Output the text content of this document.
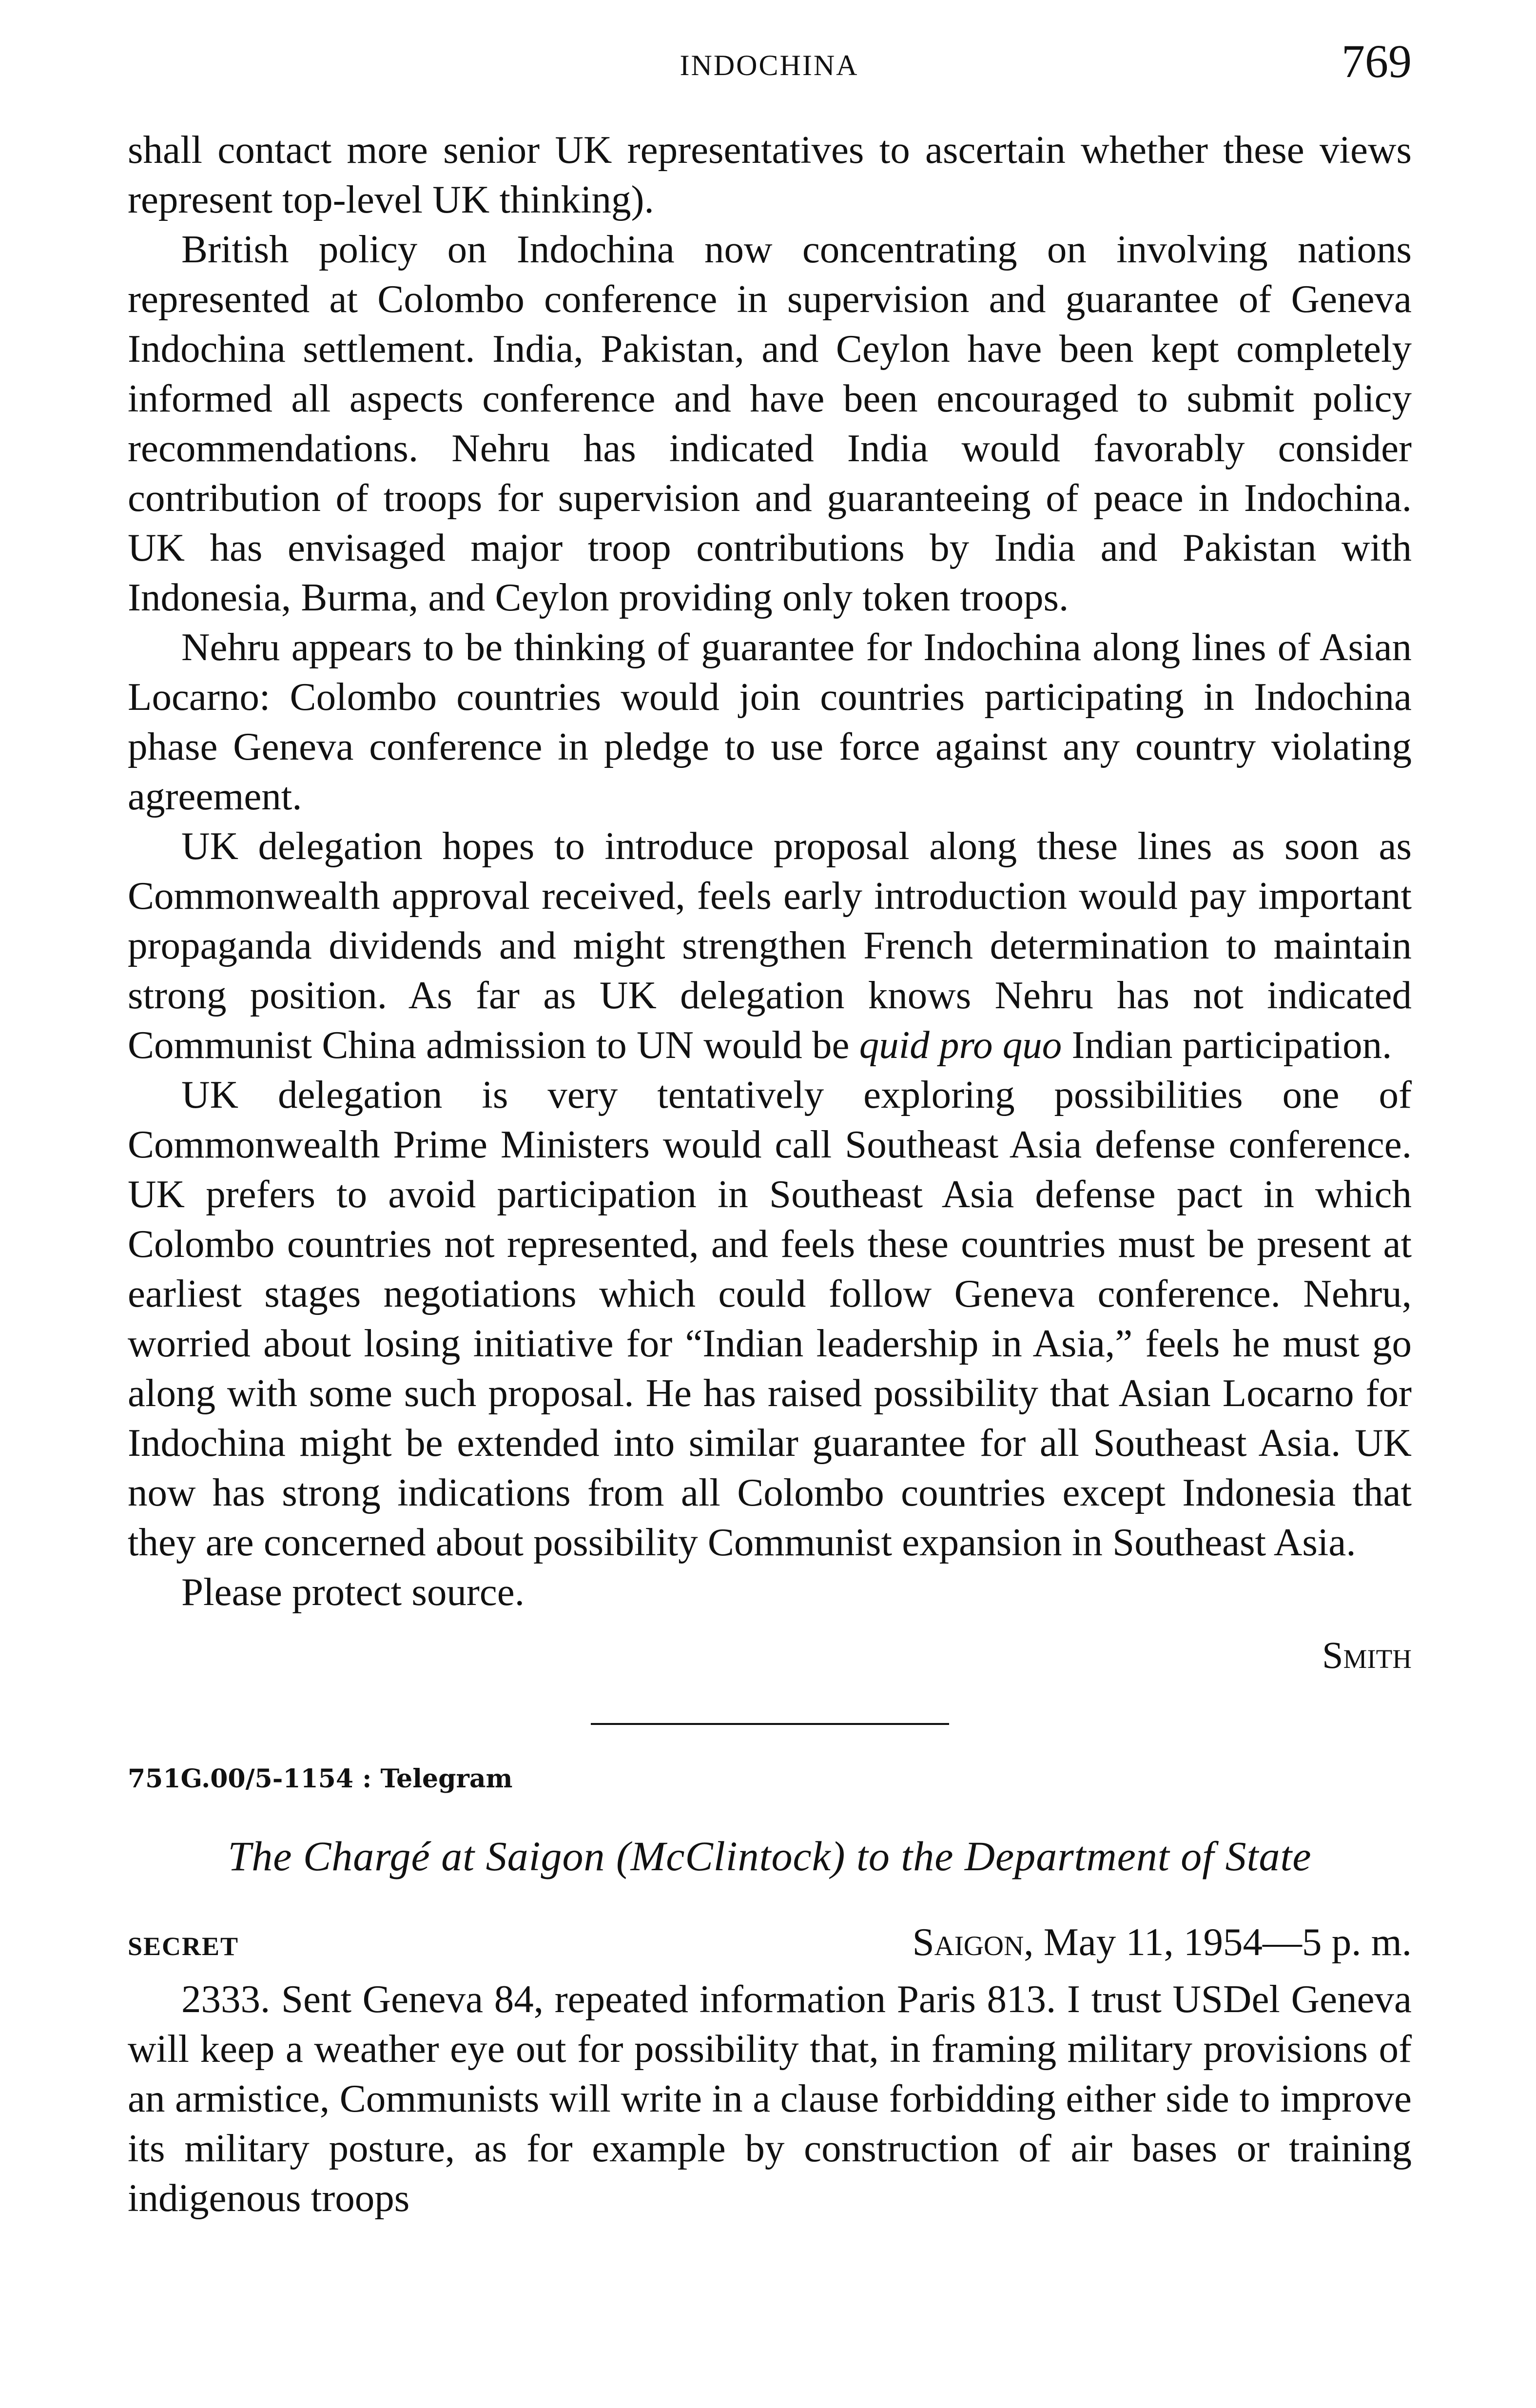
INDOCHINA	769

shall contact more senior UK representatives to ascertain whether these views represent top-level UK thinking).

British policy on Indochina now concentrating on involving nations represented at Colombo conference in supervision and guarantee of Geneva Indochina settlement. India, Pakistan, and Ceylon have been kept completely informed all aspects conference and have been encouraged to submit policy recommendations. Nehru has indicated India would favorably consider contribution of troops for supervision and guaranteeing of peace in Indochina. UK has envisaged major troop contributions by India and Pakistan with Indonesia, Burma, and Ceylon providing only token troops.

Nehru appears to be thinking of guarantee for Indochina along lines of Asian Locarno: Colombo countries would join countries participating in Indochina phase Geneva conference in pledge to use force against any country violating agreement.

UK delegation hopes to introduce proposal along these lines as soon as Commonwealth approval received, feels early introduction would pay important propaganda dividends and might strengthen French determination to maintain strong position. As far as UK delegation knows Nehru has not indicated Communist China admission to UN would be quid pro quo Indian participation.

UK delegation is very tentatively exploring possibilities one of Commonwealth Prime Ministers would call Southeast Asia defense conference. UK prefers to avoid participation in Southeast Asia defense pact in which Colombo countries not represented, and feels these countries must be present at earliest stages negotiations which could follow Geneva conference. Nehru, worried about losing initiative for “Indian leadership in Asia,” feels he must go along with some such proposal. He has raised possibility that Asian Locarno for Indochina might be extended into similar guarantee for all Southeast Asia. UK now has strong indications from all Colombo countries except Indonesia that they are concerned about possibility Communist expansion in Southeast Asia.

Please protect source.

Smith
751G.00/5-1154 : Telegram
The Chargé at Saigon (McClintock) to the Department of State
SECRET	Saigon, May 11, 1954—5 p. m.

2333. Sent Geneva 84, repeated information Paris 813. I trust USDel Geneva will keep a weather eye out for possibility that, in framing military provisions of an armistice, Communists will write in a clause forbidding either side to improve its military posture, as for example by construction of air bases or training indigenous troops
